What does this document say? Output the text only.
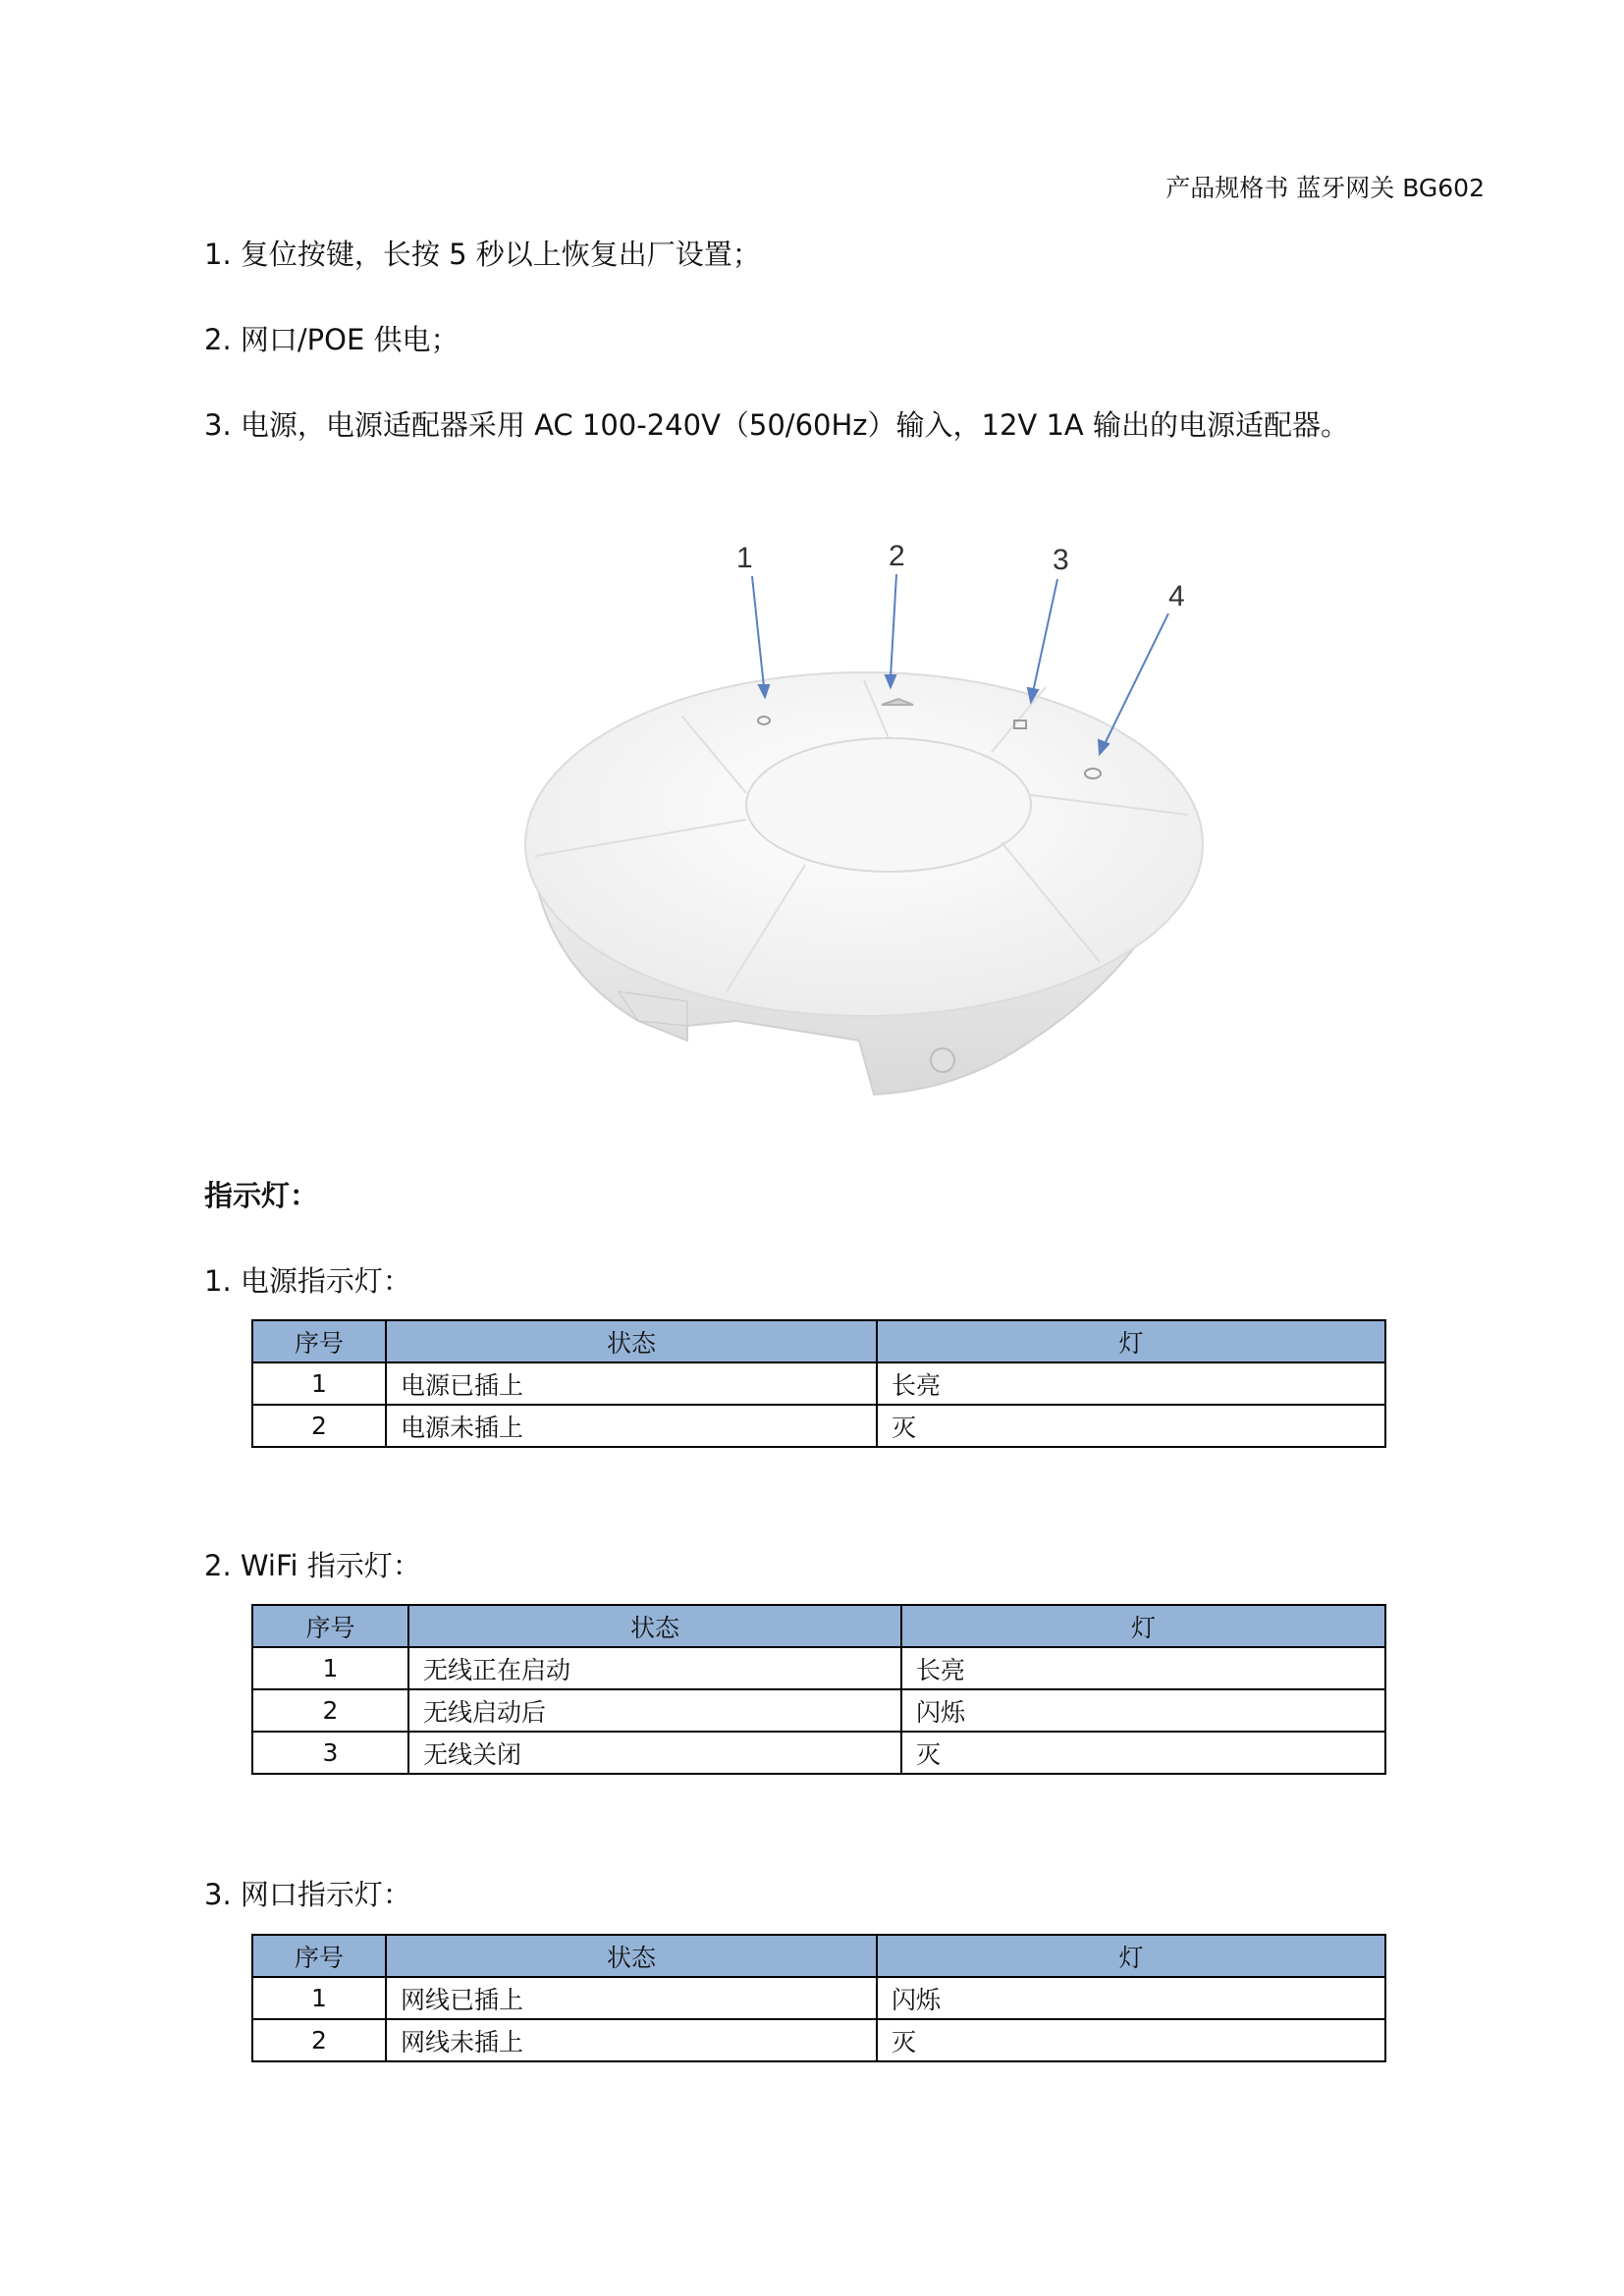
产品规格书 蓝牙网关 BG602
1. 复位按键，长按 5 秒以上恢复出厂设置；
2. 网口/POE 供电；
3. 电源，电源适配器采用 AC 100-240V（50/60Hz）输入，12V 1A 输出的电源适配器。
1	2	3
4
指示灯：
1. 电源指示灯：
序号	状态	灯
1	电源已插上	长亮
2	电源未插上	灭
2. WiFi 指示灯：
序号	状态	灯
1	无线正在启动	长亮
2	无线启动后	闪烁
3	无线关闭	灭
3. 网口指示灯：
序号	状态	灯
1	网线已插上	闪烁
2	网线未插上	灭
